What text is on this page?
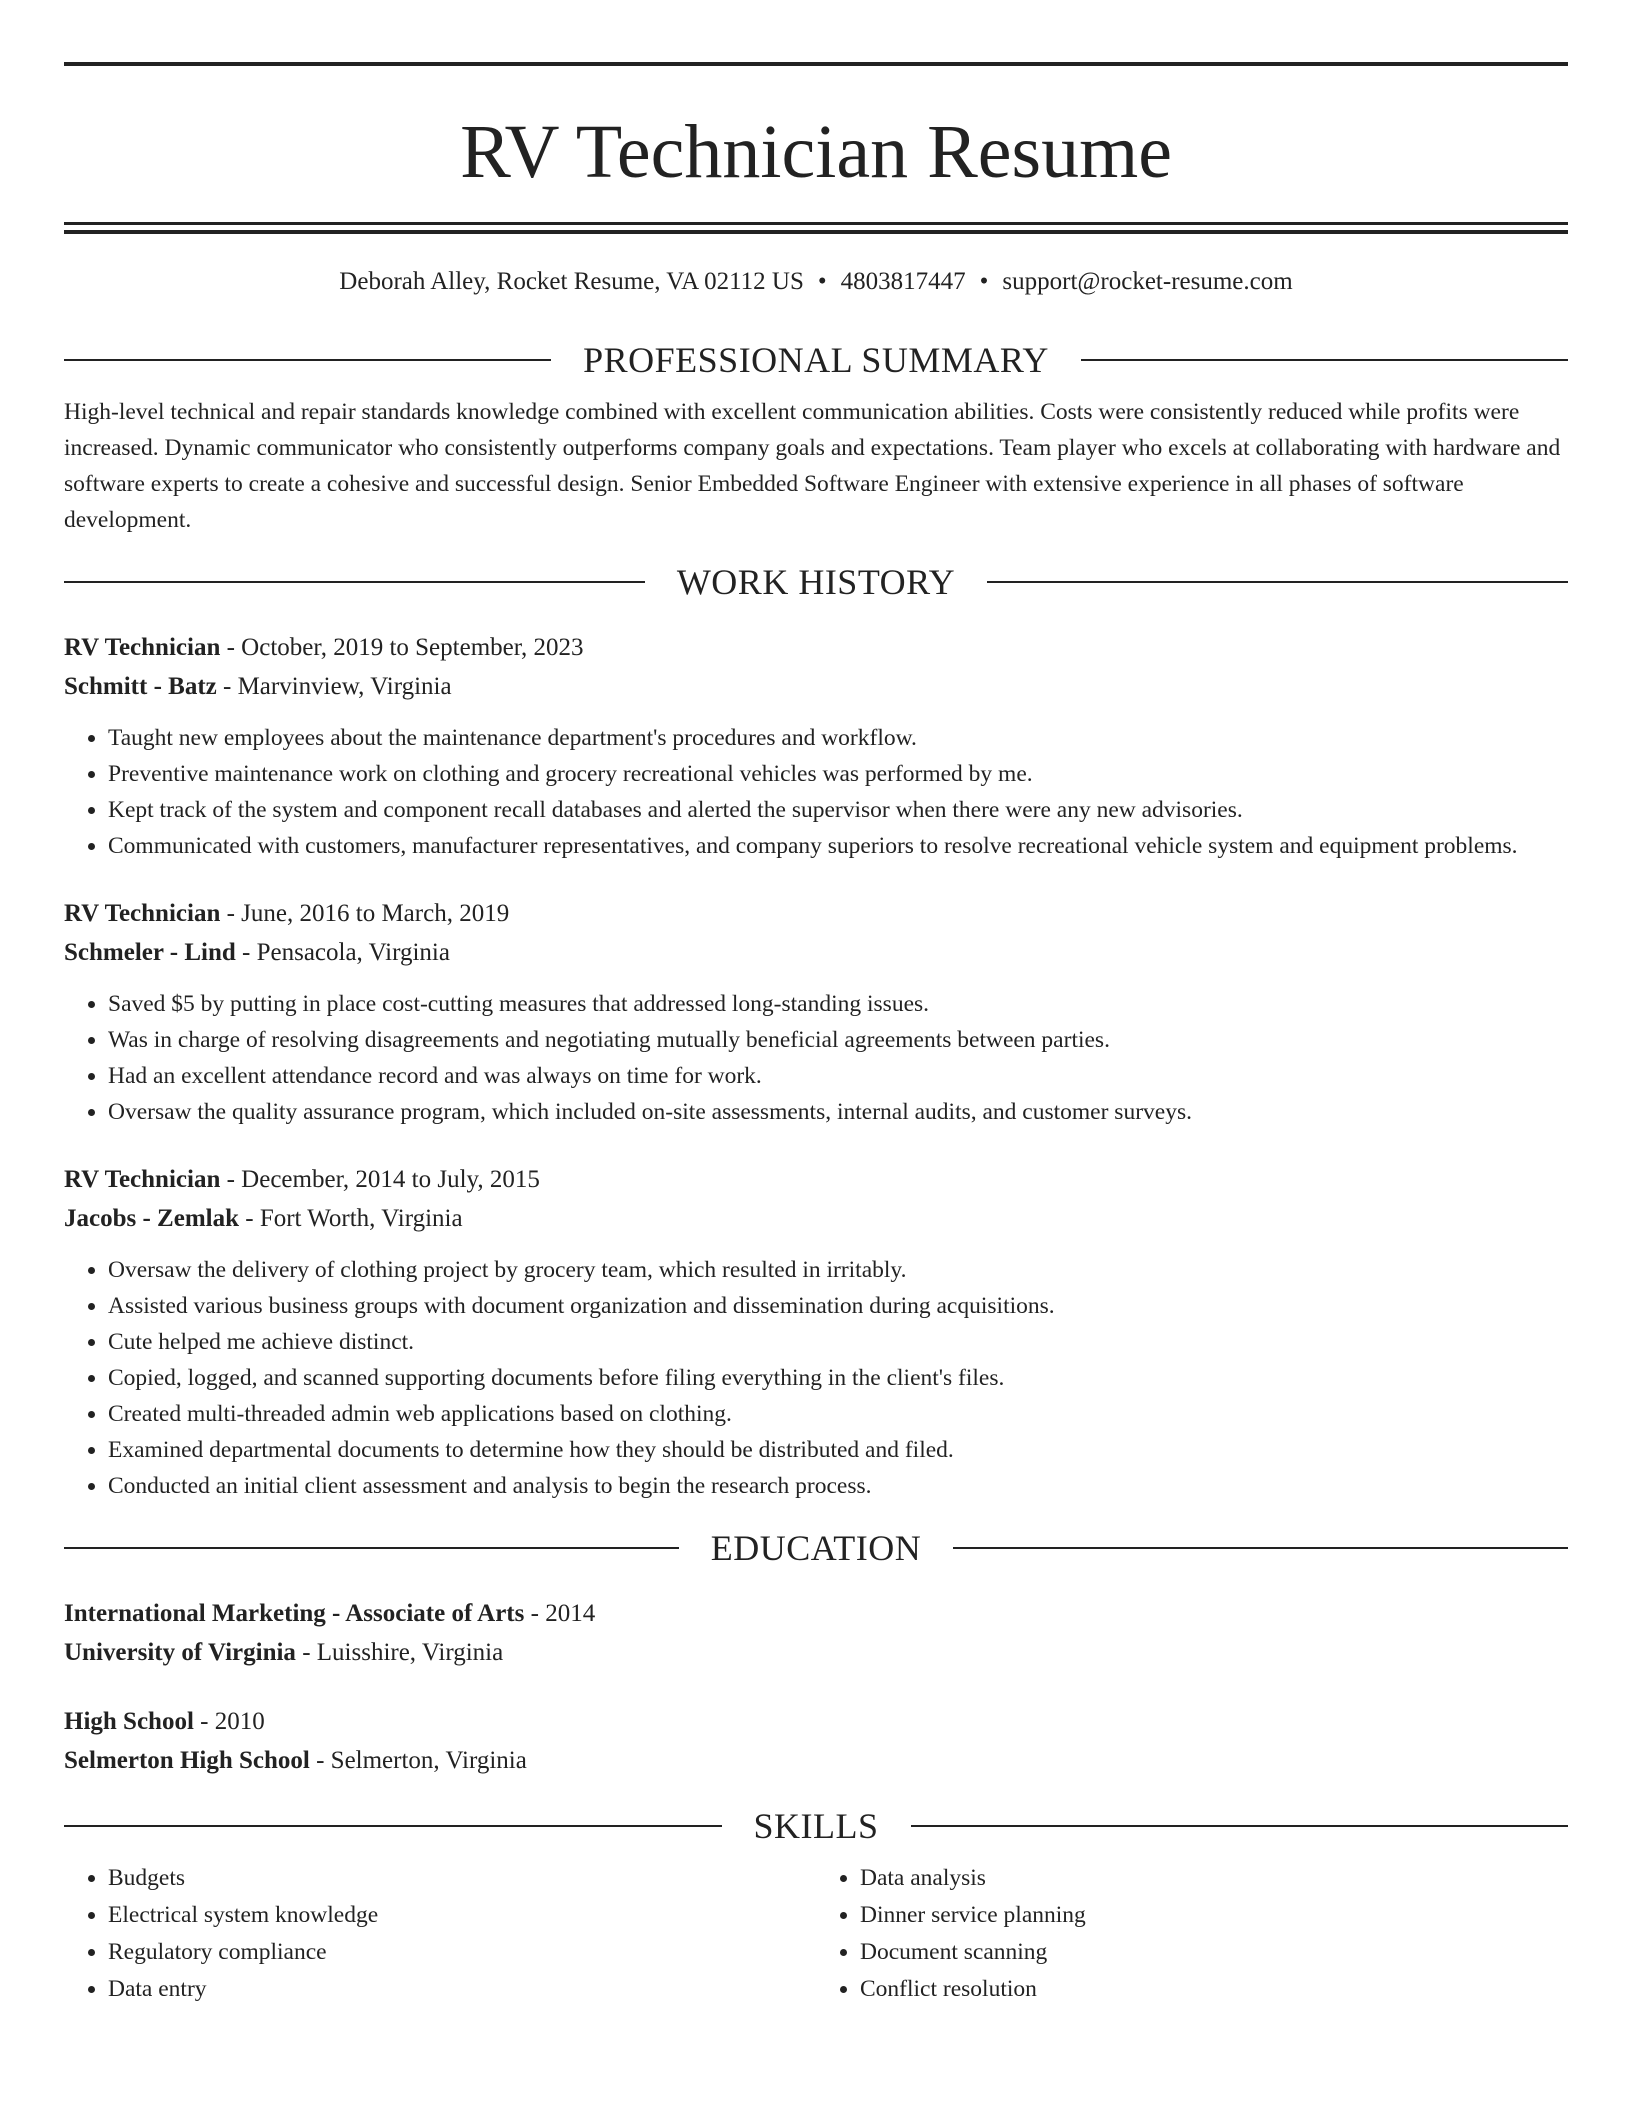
RV Technician Resume
Deborah Alley, Rocket Resume, VA 02112 US • 4803817447 • support@rocket-resume.com
PROFESSIONAL SUMMARY
High-level technical and repair standards knowledge combined with excellent communication abilities. Costs were consistently reduced while profits were increased. Dynamic communicator who consistently outperforms company goals and expectations. Team player who excels at collaborating with hardware and software experts to create a cohesive and successful design. Senior Embedded Software Engineer with extensive experience in all phases of software development.
WORK HISTORY
RV Technician - October, 2019 to September, 2023
Schmitt - Batz - Marvinview, Virginia
• Taught new employees about the maintenance department's procedures and workflow.
• Preventive maintenance work on clothing and grocery recreational vehicles was performed by me.
• Kept track of the system and component recall databases and alerted the supervisor when there were any new advisories.
• Communicated with customers, manufacturer representatives, and company superiors to resolve recreational vehicle system and equipment problems.
RV Technician - June, 2016 to March, 2019
Schmeler - Lind - Pensacola, Virginia
• Saved $5 by putting in place cost-cutting measures that addressed long-standing issues.
• Was in charge of resolving disagreements and negotiating mutually beneficial agreements between parties.
• Had an excellent attendance record and was always on time for work.
• Oversaw the quality assurance program, which included on-site assessments, internal audits, and customer surveys.
RV Technician - December, 2014 to July, 2015
Jacobs - Zemlak - Fort Worth, Virginia
• Oversaw the delivery of clothing project by grocery team, which resulted in irritably.
• Assisted various business groups with document organization and dissemination during acquisitions.
• Cute helped me achieve distinct.
• Copied, logged, and scanned supporting documents before filing everything in the client's files.
• Created multi-threaded admin web applications based on clothing.
• Examined departmental documents to determine how they should be distributed and filed.
• Conducted an initial client assessment and analysis to begin the research process.
EDUCATION
International Marketing - Associate of Arts - 2014
University of Virginia - Luisshire, Virginia
High School - 2010
Selmerton High School - Selmerton, Virginia
SKILLS
• Budgets
• Electrical system knowledge
• Regulatory compliance
• Data entry
• Data analysis
• Dinner service planning
• Document scanning
• Conflict resolution
